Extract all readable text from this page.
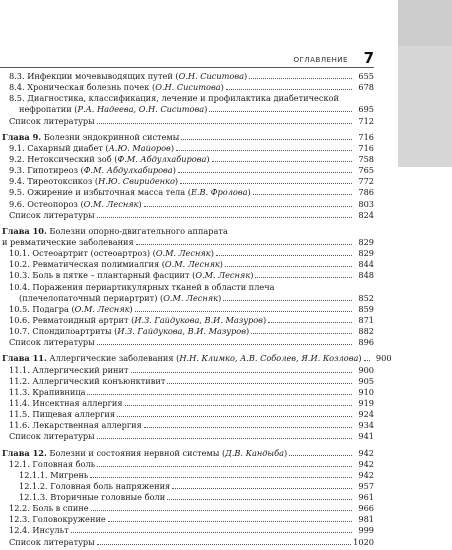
ОГЛАВЛЕНИЕ 7
8.3. Инфекции мочевыводящих путей (О.Н. Сиситова)	655
8.4. Хроническая болезнь почек (О.Н. Сиситова)	678
8.5. Диагностика, классификация, лечение и профилактика диабетической
нефропатии (Р.А. Надеева, О.Н. Сиситова)	695
Список литературы	712
Глава 9. Болезни эндокринной системы	716
9.1. Сахарный диабет (А.Ю. Майоров)	716
9.2. Нетоксический зоб (Ф.М. Абдулхабирова)	758
9.3. Гипотиреоз (Ф.М. Абдулхабирова)	765
9.4. Тиреотоксикоз (Н.Ю. Свириденко)	772
9.5. Ожирение и избыточная масса тела (Е.В. Фролова)	786
9.6. Остеопороз (О.М. Лесняк)	803
Список литературы	824
Глава 10. Болезни опорно-двигательного аппарата
и ревматические заболевания	829
10.1. Остеоартрит (остеоартроз) (О.М. Лесняк)	829
10.2. Ревматическая полимиалгия (О.М. Лесняк)	844
10.3. Боль в пятке – плантарный фасциит (О.М. Лесняк)	848
10.4. Поражения периартикулярных тканей в области плеча
(плечелопаточный периартрит) (О.М. Лесняк)	852
10.5. Подагра (О.М. Лесняк)	859
10.6. Ревматоидный артрит (И.З. Гайдукова, В.И. Мазуров)	871
10.7. Спондилоартриты (И.З. Гайдукова, В.И. Мазуров)	882
Список литературы	896
Глава 11. Аллергические заболевания (Н.Н. Климко, А.В. Соболев, Я.И. Козлова)	900
11.1. Аллергический ринит	900
11.2. Аллергический конъюнктивит	905
11.3. Крапивница	910
11.4. Инсектная аллергия	919
11.5. Пищевая аллергия	924
11.6. Лекарственная аллергия	934
Список литературы	941
Глава 12. Болезни и состояния нервной системы (Д.В. Кандыба)	942
12.1. Головная боль	942
12.1.1. Мигрень	942
12.1.2. Головная боль напряжения	957
12.1.3. Вторичные головные боли	961
12.2. Боль в спине	966
12.3. Головокружение	981
12.4. Инсульт	999
Список литературы	1020
